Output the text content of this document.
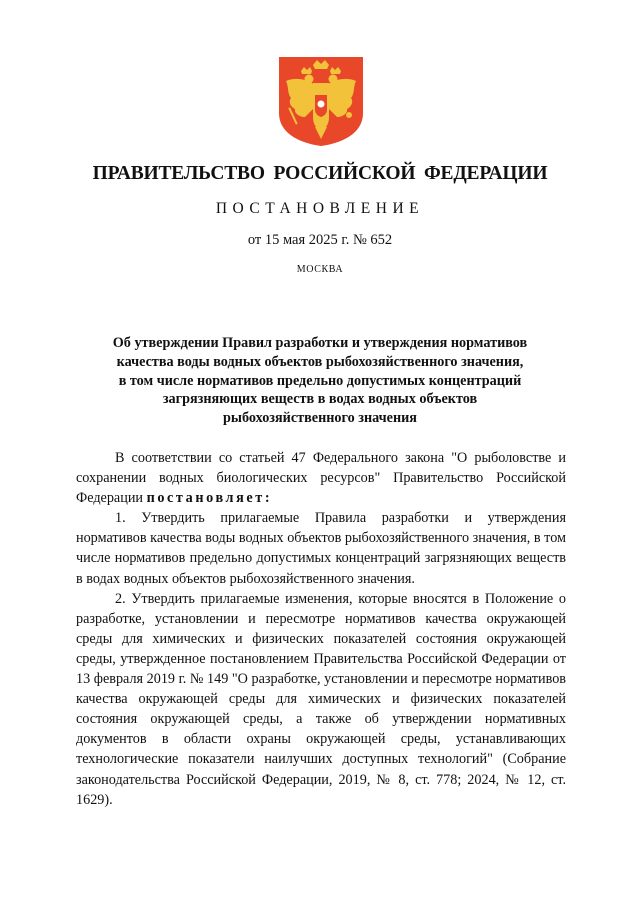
ПРАВИТЕЛЬСТВО РОССИЙСКОЙ ФЕДЕРАЦИИ
ПОСТАНОВЛЕНИЕ
от 15 мая 2025 г. № 652
МОСКВА
Об утверждении Правил разработки и утверждения нормативов
качества воды водных объектов рыбохозяйственного значения,
в том числе нормативов предельно допустимых концентраций
загрязняющих веществ в водах водных объектов
рыбохозяйственного значения

В соответствии со статьей 47 Федерального закона "О рыболовстве и сохранении водных биологических ресурсов" Правительство Российской Федерации постановляет:

1. Утвердить прилагаемые Правила разработки и утверждения нормативов качества воды водных объектов рыбохозяйственного значения, в том числе нормативов предельно допустимых концентраций загрязняющих веществ в водах водных объектов рыбохозяйственного значения.

2. Утвердить прилагаемые изменения, которые вносятся в Положение о разработке, установлении и пересмотре нормативов качества окружающей среды для химических и физических показателей состояния окружающей среды, утвержденное постановлением Правительства Российской Федерации от 13 февраля 2019 г. № 149 "О разработке, установлении и пересмотре нормативов качества окружающей среды для химических и физических показателей состояния окружающей среды, а также об утверждении нормативных документов в области охраны окружающей среды, устанавливающих технологические показатели наилучших доступных технологий" (Собрание законодательства Российской Федерации, 2019, № 8, ст. 778; 2024, № 12, ст. 1629).
